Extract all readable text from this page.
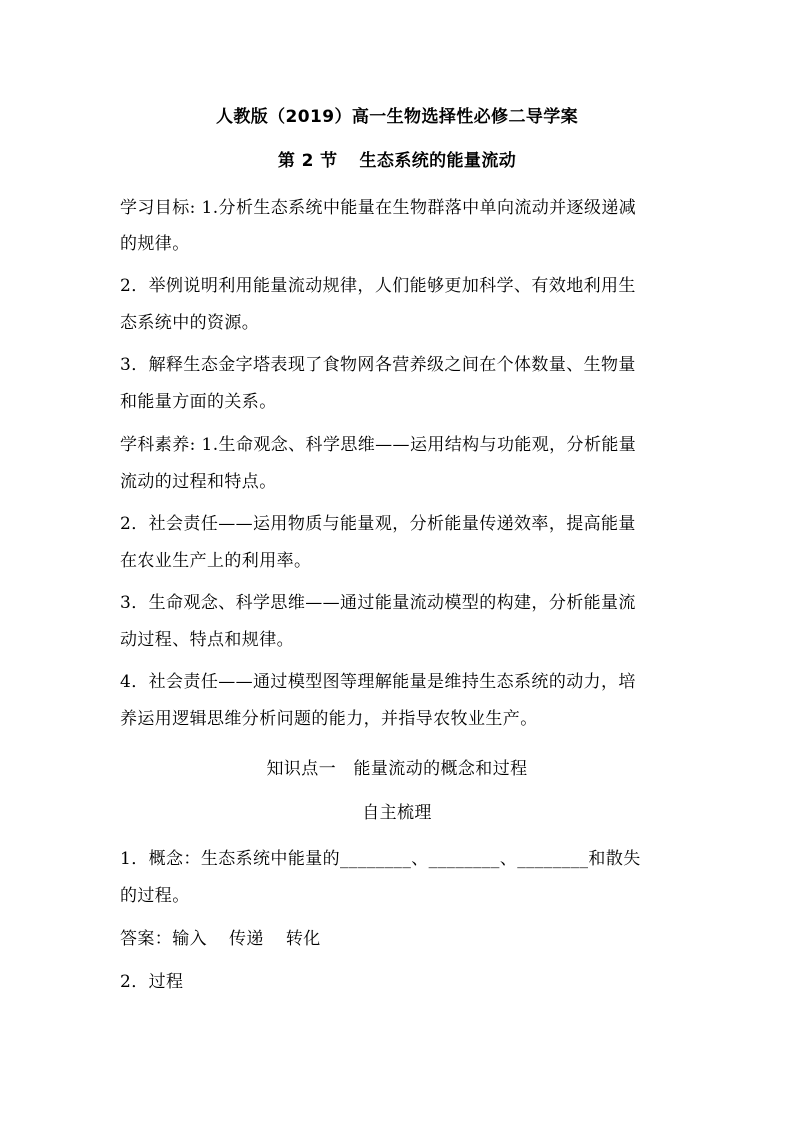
人教版（2019）高一生物选择性必修二导学案
第 2 节 生态系统的能量流动
学习目标: 1.分析生态系统中能量在生物群落中单向流动并逐级递减
的规律。
2．举例说明利用能量流动规律，人们能够更加科学、有效地利用生
态系统中的资源。
3．解释生态金字塔表现了食物网各营养级之间在个体数量、生物量
和能量方面的关系。
学科素养: 1.生命观念、科学思维——运用结构与功能观，分析能量
流动的过程和特点。
2．社会责任——运用物质与能量观，分析能量传递效率，提高能量
在农业生产上的利用率。
3．生命观念、科学思维——通过能量流动模型的构建，分析能量流
动过程、特点和规律。
4．社会责任——通过模型图等理解能量是维持生态系统的动力，培
养运用逻辑思维分析问题的能力，并指导农牧业生产。
知识点一　能量流动的概念和过程
自主梳理
1．概念：生态系统中能量的________、________、________和散失
的过程。
答案：输入 传递 转化
2．过程
